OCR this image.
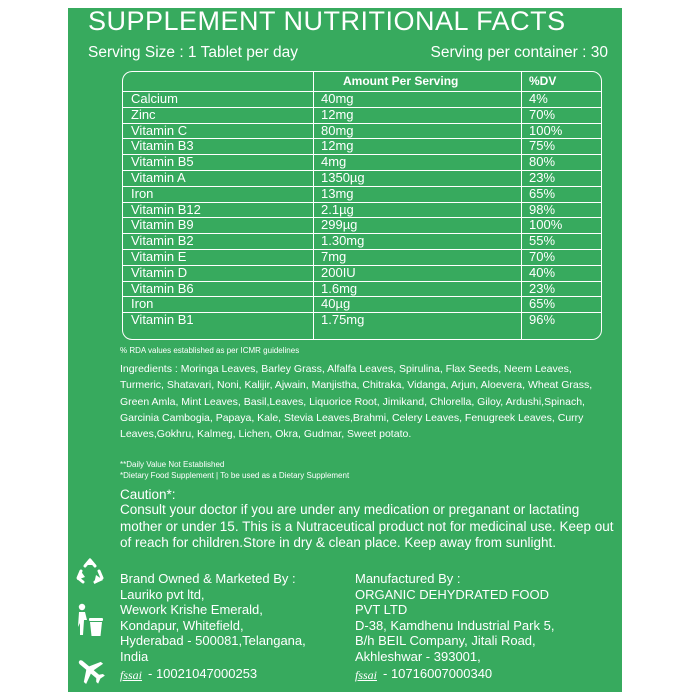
SUPPLEMENT NUTRITIONAL FACTS
Serving Size : 1 Tablet per day	Serving per container : 30
Amount Per Serving	%DV
Calcium	40mg	4%
Zinc	12mg	70%
Vitamin C	80mg	100%
Vitamin B3	12mg	75%
Vitamin B5	4mg	80%
Vitamin A	1350µg	23%
Iron	13mg	65%
Vitamin B12	2.1µg	98%
Vitamin B9	299µg	100%
Vitamin B2	1.30mg	55%
Vitamin E	7mg	70%
Vitamin D	200IU	40%
Vitamin B6	1.6mg	23%
Iron	40µg	65%
Vitamin B1	1.75mg	96%
% RDA values established as per ICMR guidelines
Ingredients : Moringa Leaves, Barley Grass, Alfalfa Leaves, Spirulina, Flax Seeds, Neem Leaves, Turmeric, Shatavari, Noni, Kalijir, Ajwain, Manjistha, Chitraka, Vidanga, Arjun, Aloevera, Wheat Grass, Green Amla, Mint Leaves, Basil,Leaves, Liquorice Root, Jimikand, Chlorella, Giloy, Ardushi,Spinach, Garcinia Cambogia, Papaya, Kale, Stevia Leaves,Brahmi, Celery Leaves, Fenugreek Leaves, Curry Leaves,Gokhru, Kalmeg, Lichen, Okra, Gudmar, Sweet potato.
**Daily Value Not Established
*Dietary Food Supplement | To be used as a Dietary Supplement
Caution*:
Consult your doctor if you are under any medication or preganant or lactating mother or under 15. This is a Nutraceutical product not for medicinal use. Keep out of reach for children.Store in dry & clean place. Keep away from sunlight.
Brand Owned & Marketed By :
Lauriko pvt ltd,
Wework Krishe Emerald,
Kondapur, Whitefield,
Hyderabad - 500081,Telangana,
India
Manufactured By :
ORGANIC DEHYDRATED FOOD
PVT LTD
D-38, Kamdhenu Industrial Park 5,
B/h BEIL Company, Jitali Road,
Akhleshwar - 393001,
fssai - 10021047000253	fssai - 10716007000340
